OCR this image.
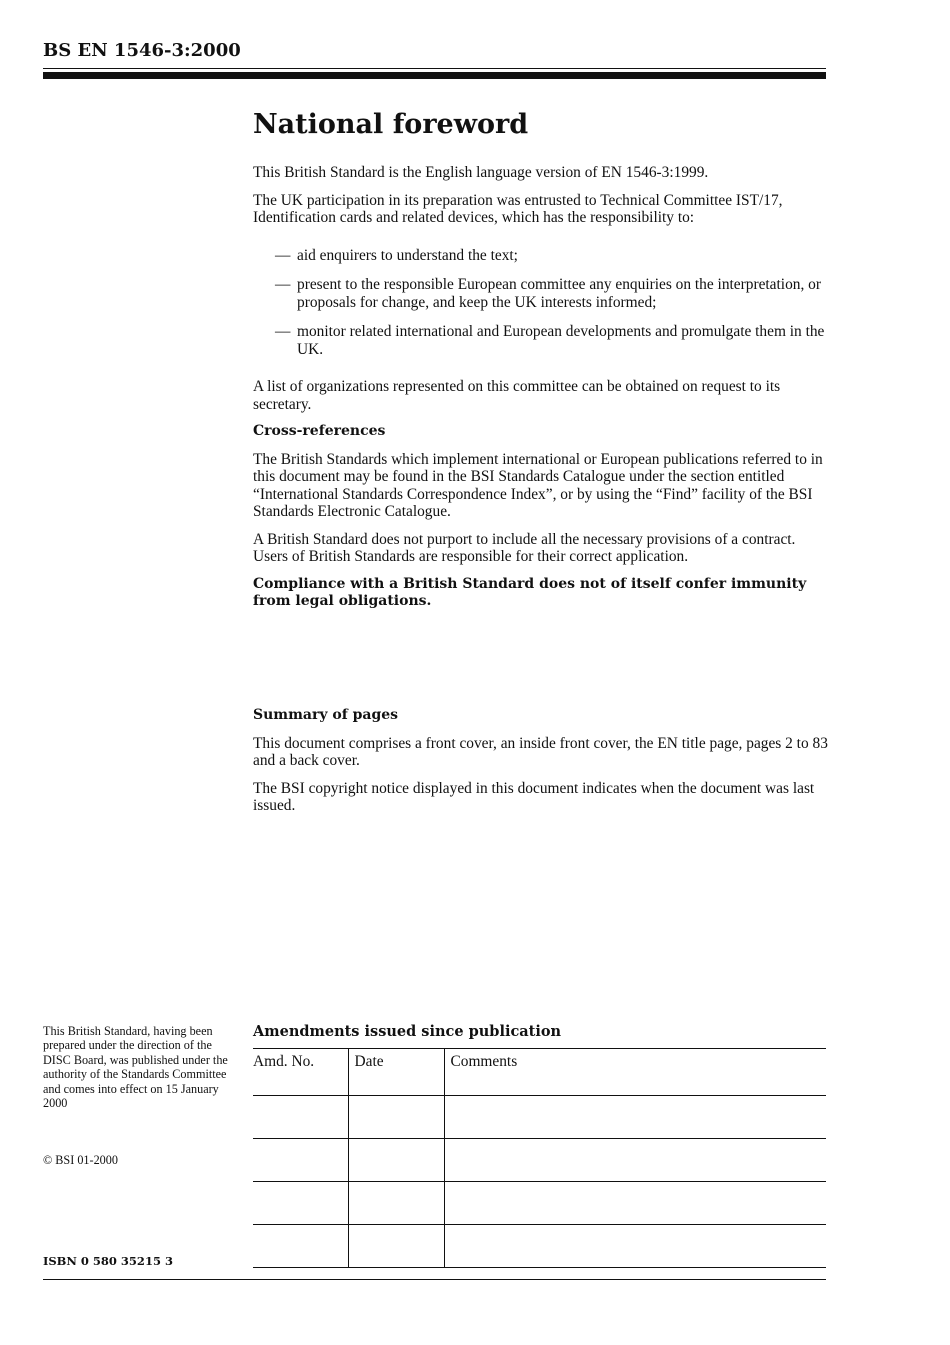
BS EN 1546-3:2000
National foreword

This British Standard is the English language version of EN 1546-3:1999.

The UK participation in its preparation was entrusted to Technical Committee IST/17, Identification cards and related devices, which has the responsibility to:

— aid enquirers to understand the text;
— present to the responsible European committee any enquiries on the interpretation, or proposals for change, and keep the UK interests informed;
— monitor related international and European developments and promulgate them in the UK.

A list of organizations represented on this committee can be obtained on request to its secretary.

Cross-references

The British Standards which implement international or European publications referred to in this document may be found in the BSI Standards Catalogue under the section entitled “International Standards Correspondence Index”, or by using the “Find” facility of the BSI Standards Electronic Catalogue.

A British Standard does not purport to include all the necessary provisions of a contract. Users of British Standards are responsible for their correct application.

Compliance with a British Standard does not of itself confer immunity from legal obligations.

Summary of pages

This document comprises a front cover, an inside front cover, the EN title page, pages 2 to 83 and a back cover.

The BSI copyright notice displayed in this document indicates when the document was last issued.

This British Standard, having been prepared under the direction of the DISC Board, was published under the authority of the Standards Committee and comes into effect on 15 January 2000

© BSI 01-2000

ISBN 0 580 35215 3

Amendments issued since publication

Amd. No.	Date	Comments
